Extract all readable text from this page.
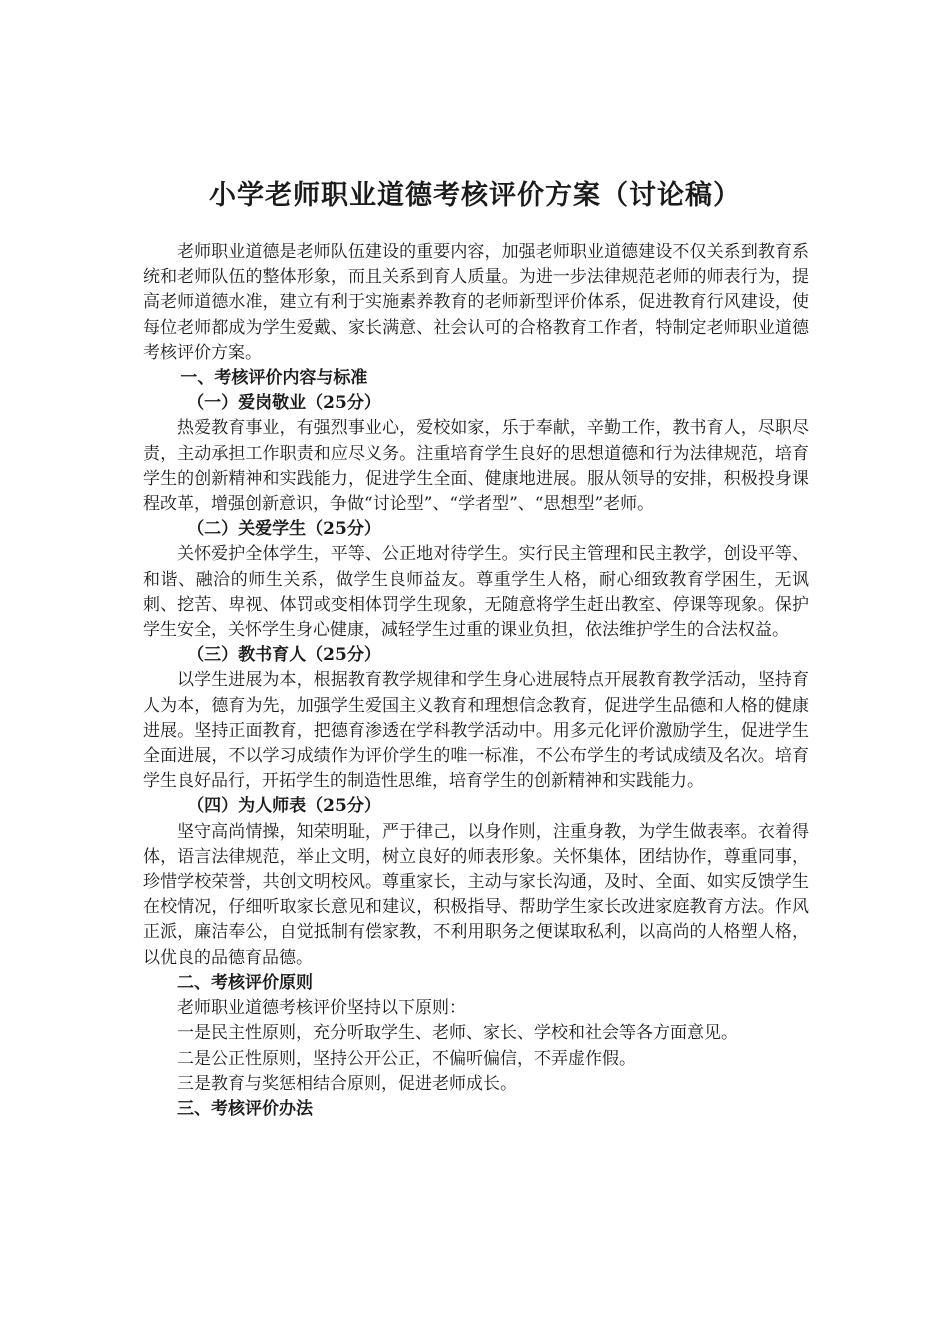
小学老师职业道德考核评价方案（讨论稿）

老师职业道德是老师队伍建设的重要内容，加强老师职业道德建设不仅关系到教育系统和老师队伍的整体形象，而且关系到育人质量。为进一步法律规范老师的师表行为，提高老师道德水准，建立有利于实施素养教育的老师新型评价体系，促进教育行风建设，使每位老师都成为学生爱戴、家长满意、社会认可的合格教育工作者，特制定老师职业道德考核评价方案。

一、考核评价内容与标准

（一）爱岗敬业（25分）

热爱教育事业，有强烈事业心，爱校如家，乐于奉献，辛勤工作，教书育人，尽职尽责，主动承担工作职责和应尽义务。注重培育学生良好的思想道德和行为法律规范，培育学生的创新精神和实践能力，促进学生全面、健康地进展。服从领导的安排，积极投身课程改革，增强创新意识，争做“讨论型”、“学者型”、“思想型”老师。

（二）关爱学生（25分）

关怀爱护全体学生，平等、公正地对待学生。实行民主管理和民主教学，创设平等、和谐、融洽的师生关系，做学生良师益友。尊重学生人格，耐心细致教育学困生，无讽刺、挖苦、卑视、体罚或变相体罚学生现象，无随意将学生赶出教室、停课等现象。保护学生安全，关怀学生身心健康，减轻学生过重的课业负担，依法维护学生的合法权益。

（三）教书育人（25分）

以学生进展为本，根据教育教学规律和学生身心进展特点开展教育教学活动，坚持育人为本，德育为先，加强学生爱国主义教育和理想信念教育，促进学生品德和人格的健康进展。坚持正面教育，把德育渗透在学科教学活动中。用多元化评价激励学生，促进学生全面进展，不以学习成绩作为评价学生的唯一标准，不公布学生的考试成绩及名次。培育学生良好品行，开拓学生的制造性思维，培育学生的创新精神和实践能力。

（四）为人师表（25分）

坚守高尚情操，知荣明耻，严于律己，以身作则，注重身教，为学生做表率。衣着得体，语言法律规范，举止文明，树立良好的师表形象。关怀集体，团结协作，尊重同事，珍惜学校荣誉，共创文明校风。尊重家长，主动与家长沟通，及时、全面、如实反馈学生在校情况，仔细听取家长意见和建议，积极指导、帮助学生家长改进家庭教育方法。作风正派，廉洁奉公，自觉抵制有偿家教，不利用职务之便谋取私利，以高尚的人格塑人格，以优良的品德育品德。

二、考核评价原则

老师职业道德考核评价坚持以下原则：

一是民主性原则，充分听取学生、老师、家长、学校和社会等各方面意见。

二是公正性原则，坚持公开公正，不偏听偏信，不弄虚作假。

三是教育与奖惩相结合原则，促进老师成长。

三、考核评价办法
